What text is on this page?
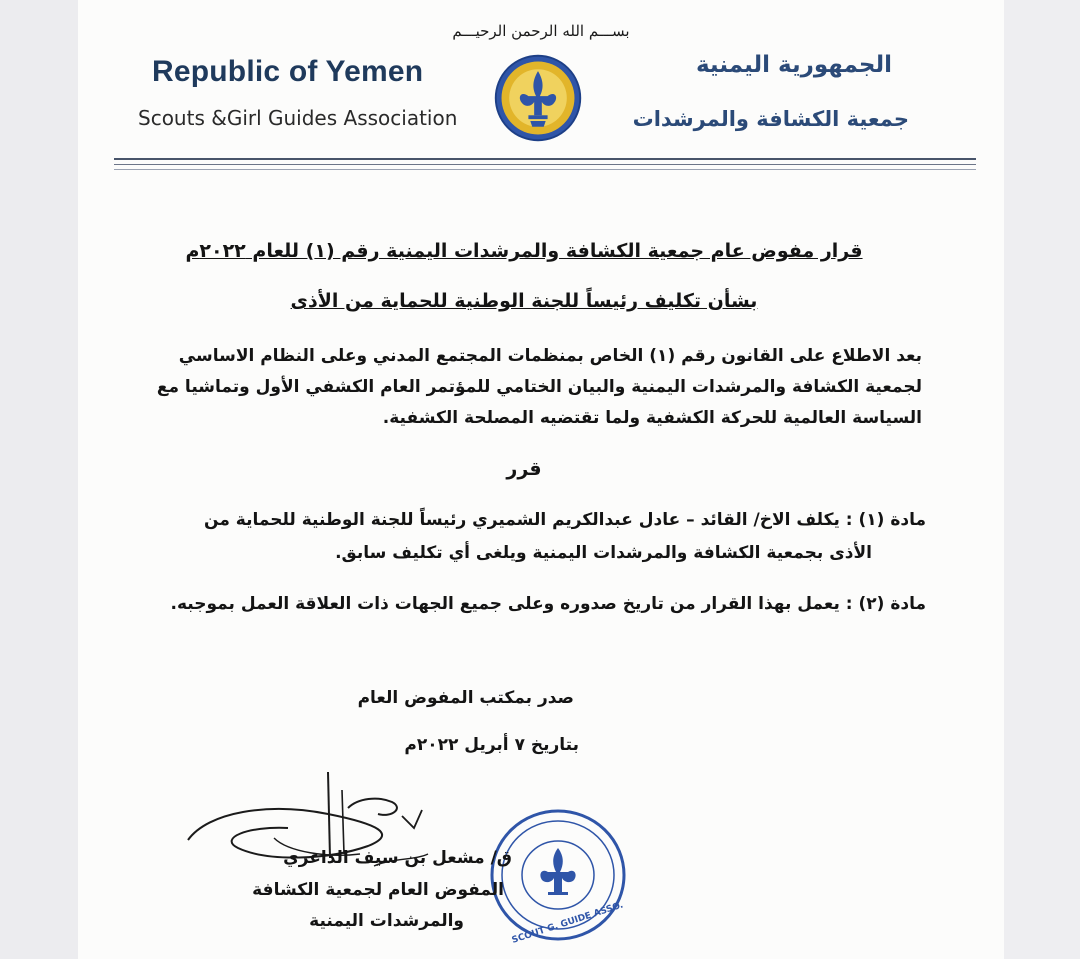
بســـم الله الرحمن الرحيـــم
Republic of Yemen
Scouts &Girl Guides Association
الجمهورية اليمنية
جمعية الكشافة والمرشدات
قرار مفوض عام جمعية الكشافة والمرشدات اليمنية رقم (١) للعام ٢٠٢٢م
بشأن تكليف رئيساً للجنة الوطنية للحماية من الأذى
بعد الاطلاع على القانون رقم (١) الخاص بمنظمات المجتمع المدني وعلى النظام الاساسي
لجمعية الكشافة والمرشدات اليمنية والبيان الختامي للمؤتمر العام الكشفي الأول وتماشيا مع
السياسة العالمية للحركة الكشفية ولما تقتضيه المصلحة الكشفية.
قرر
مادة (١) : يكلف الاخ/ القائد – عادل عبدالكريم الشميري رئيساً للجنة الوطنية للحماية من
الأذى بجمعية الكشافة والمرشدات اليمنية ويلغى أي تكليف سابق.
مادة (٢) : يعمل بهذا القرار من تاريخ صدوره وعلى جميع الجهات ذات العلاقة العمل بموجبه.
صدر بمكتب المفوض العام
بتاريخ ٧ أبريل ٢٠٢٢م
SCOUT G. GUIDE ASSO.
ق/ مشعل بن سيف الداعري
المفوض العام لجمعية الكشافة
والمرشدات اليمنية
